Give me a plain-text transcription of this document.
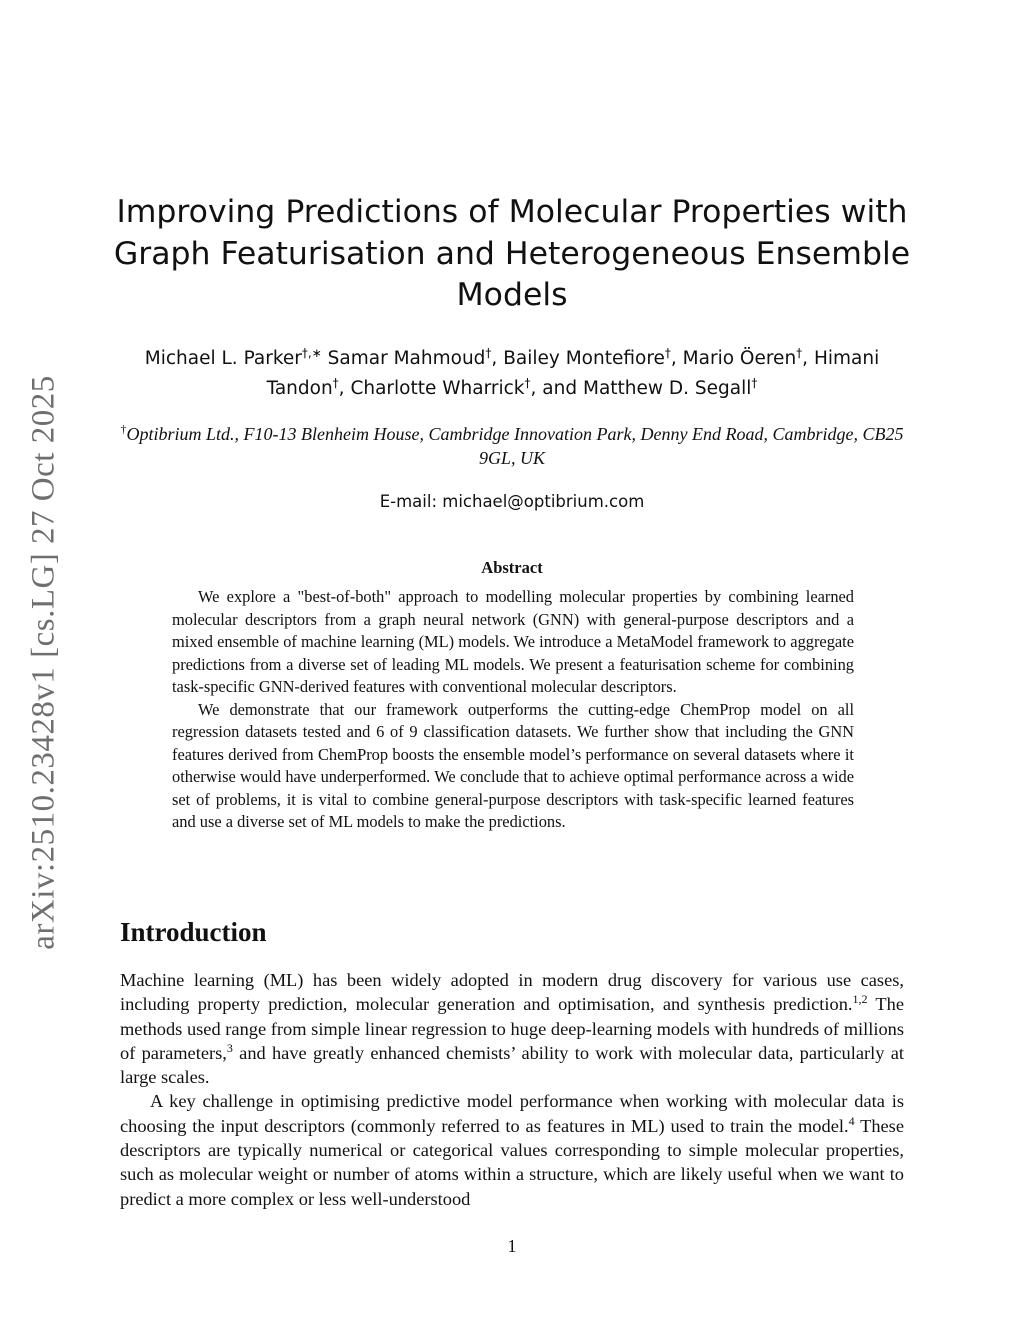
arXiv:2510.23428v1 [cs.LG] 27 Oct 2025
Improving Predictions of Molecular Properties with Graph Featurisation and Heterogeneous Ensemble Models
Michael L. Parker†,∗ Samar Mahmoud†, Bailey Montefiore†, Mario Öeren†, Himani Tandon†, Charlotte Wharrick†, and Matthew D. Segall†
†Optibrium Ltd., F10-13 Blenheim House, Cambridge Innovation Park, Denny End Road, Cambridge, CB25 9GL, UK
E-mail: michael@optibrium.com
Abstract

We explore a "best-of-both" approach to modelling molecular properties by combining learned molecular descriptors from a graph neural network (GNN) with general-purpose descriptors and a mixed ensemble of machine learning (ML) models. We introduce a MetaModel framework to aggregate predictions from a diverse set of leading ML models. We present a featurisation scheme for combining task-specific GNN-derived features with conventional molecular descriptors.

We demonstrate that our framework outperforms the cutting-edge ChemProp model on all regression datasets tested and 6 of 9 classification datasets. We further show that including the GNN features derived from ChemProp boosts the ensemble model’s performance on several datasets where it otherwise would have underperformed. We conclude that to achieve optimal performance across a wide set of problems, it is vital to combine general-purpose descriptors with task-specific learned features and use a diverse set of ML models to make the predictions.

Introduction

Machine learning (ML) has been widely adopted in modern drug discovery for various use cases, including property prediction, molecular generation and optimisation, and synthesis prediction.$^{1,2}$ The methods used range from simple linear regression to huge deep-learning models with hundreds of millions of parameters,$^3$ and have greatly enhanced chemists’ ability to work with molecular data, particularly at large scales.

A key challenge in optimising predictive model performance when working with molecular data is choosing the input descriptors (commonly referred to as features in ML) used to train the model.$^4$ These descriptors are typically numerical or categorical values corresponding to simple molecular properties, such as molecular weight or number of atoms within a structure, which are likely useful when we want to predict a more complex or less well-understood

1
